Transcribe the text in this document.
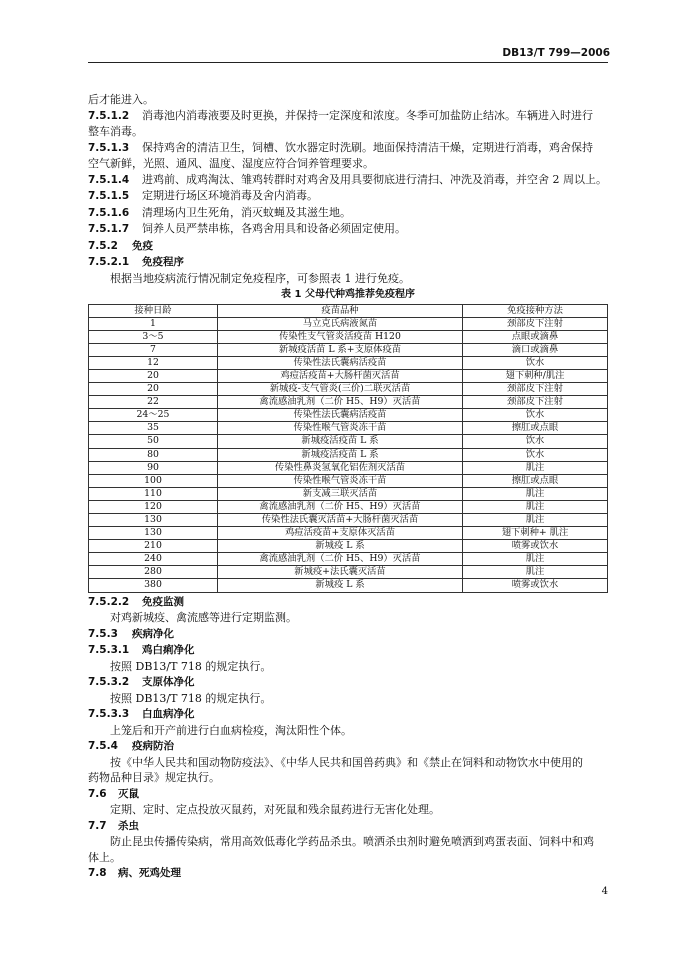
DB13/T 799—2006

后才能进入。

7.5.1.2 消毒池内消毒液要及时更换，并保持一定深度和浓度。冬季可加盐防止结冰。车辆进入时进行

整车消毒。

7.5.1.3 保持鸡舍的清洁卫生，饲槽、饮水器定时洗刷。地面保持清洁干燥，定期进行消毒，鸡舍保持

空气新鲜，光照、通风、温度、湿度应符合饲养管理要求。

7.5.1.4 进鸡前、成鸡淘汰、雏鸡转群时对鸡舍及用具要彻底进行清扫、冲洗及消毒，并空舍 2 周以上。

7.5.1.5 定期进行场区环境消毒及舍内消毒。

7.5.1.6 清理场内卫生死角，消灭蚊蝇及其滋生地。

7.5.1.7 饲养人员严禁串栋，各鸡舍用具和设备必须固定使用。

7.5.2 免疫

7.5.2.1 免疫程序

根据当地疫病流行情况制定免疫程序，可参照表 1 进行免疫。

表 1 父母代种鸡推荐免疫程序
接种日龄	疫苗品种	免疫接种方法
1	马立克氏病液氮苗	颈部皮下注射
3～5	传染性支气管炎活疫苗 H120	点眼或滴鼻
7	新城疫活苗 L 系+支原体疫苗	滴口或滴鼻
12	传染性法氏囊病活疫苗	饮水
20	鸡痘活疫苗+大肠杆菌灭活苗	翅下刺种/肌注
20	新城疫-支气管炎(三价)二联灭活苗	颈部皮下注射
22	禽流感油乳剂（二价 H5、H9）灭活苗	颈部皮下注射
24～25	传染性法氏囊病活疫苗	饮水
35	传染性喉气管炎冻干苗	擦肛或点眼
50	新城疫活疫苗 L 系	饮水
80	新城疫活疫苗 L 系	饮水
90	传染性鼻炎氢氧化铝佐剂灭活苗	肌注
100	传染性喉气管炎冻干苗	擦肛或点眼
110	新支减三联灭活苗	肌注
120	禽流感油乳剂（二价 H5、H9）灭活苗	肌注
130	传染性法氏囊灭活苗+大肠杆菌灭活苗	肌注
130	鸡痘活疫苗+支原体灭活苗	翅下刺种+ 肌注
210	新城疫 L 系	喷雾或饮水
240	禽流感油乳剂（二价 H5、H9）灭活苗	肌注
280	新城疫+法氏囊灭活苗	肌注
380	新城疫 L 系	喷雾或饮水

7.5.2.2 免疫监测

对鸡新城疫、禽流感等进行定期监测。

7.5.3 疾病净化

7.5.3.1 鸡白痢净化

按照 DB13/T 718 的规定执行。

7.5.3.2 支原体净化

按照 DB13/T 718 的规定执行。

7.5.3.3 白血病净化

上笼后和开产前进行白血病检疫，淘汰阳性个体。

7.5.4 疫病防治

按《中华人民共和国动物防疫法》、《中华人民共和国兽药典》和《禁止在饲料和动物饮水中使用的

药物品种目录》规定执行。

7.6 灭鼠

定期、定时、定点投放灭鼠药，对死鼠和残余鼠药进行无害化处理。

7.7 杀虫

防止昆虫传播传染病，常用高效低毒化学药品杀虫。喷洒杀虫剂时避免喷洒到鸡蛋表面、饲料中和鸡

体上。

7.8 病、死鸡处理

4
